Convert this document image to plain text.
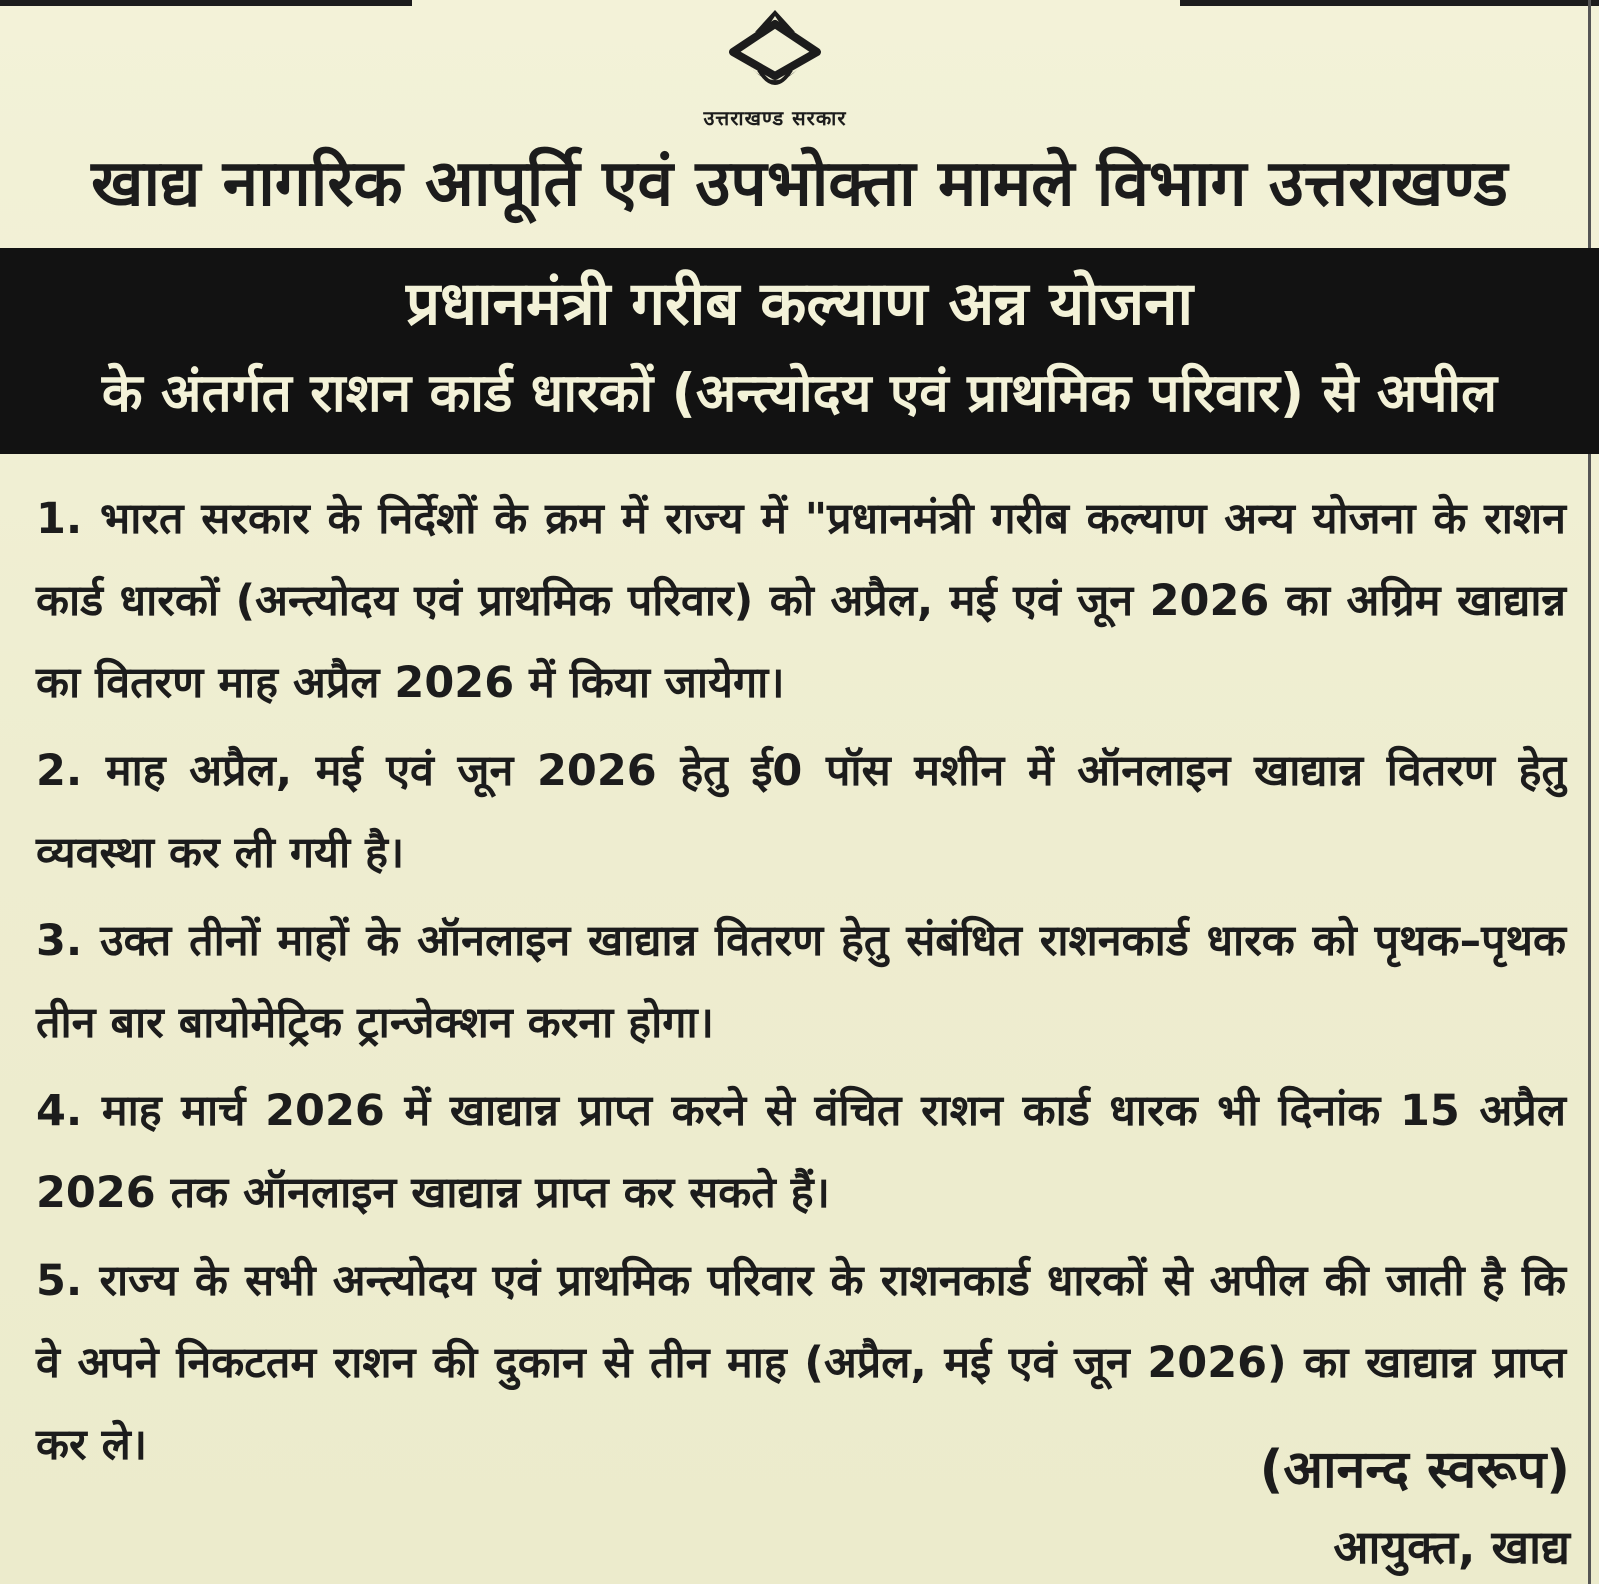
उत्तराखण्ड सरकार
खाद्य नागरिक आपूर्ति एवं उपभोक्ता मामले विभाग उत्तराखण्ड
प्रधानमंत्री गरीब कल्याण अन्न योजना
के अंतर्गत राशन कार्ड धारकों (अन्त्योदय एवं प्राथमिक परिवार) से अपील

1. भारत सरकार के निर्देशों के क्रम में राज्य में "प्रधानमंत्री गरीब कल्याण अन्य योजना के राशन कार्ड धारकों (अन्त्योदय एवं प्राथमिक परिवार) को अप्रैल, मई एवं जून 2026 का अग्रिम खाद्यान्न का वितरण माह अप्रैल 2026 में किया जायेगा।

2. माह अप्रैल, मई एवं जून 2026 हेतु ई0 पॉस मशीन में ऑनलाइन खाद्यान्न वितरण हेतु व्यवस्था कर ली गयी है।

3. उक्त तीनों माहों के ऑनलाइन खाद्यान्न वितरण हेतु संबंधित राशनकार्ड धारक को पृथक–पृथक तीन बार बायोमेट्रिक ट्रान्जेक्शन करना होगा।

4. माह मार्च 2026 में खाद्यान्न प्राप्त करने से वंचित राशन कार्ड धारक भी दिनांक 15 अप्रैल 2026 तक ऑनलाइन खाद्यान्न प्राप्त कर सकते हैं।

5. राज्य के सभी अन्त्योदय एवं प्राथमिक परिवार के राशनकार्ड धारकों से अपील की जाती है कि वे अपने निकटतम राशन की दुकान से तीन माह (अप्रैल, मई एवं जून 2026) का खाद्यान्न प्राप्त कर ले।	(आनन्द स्वरूप)
आयुक्त, खाद्य
